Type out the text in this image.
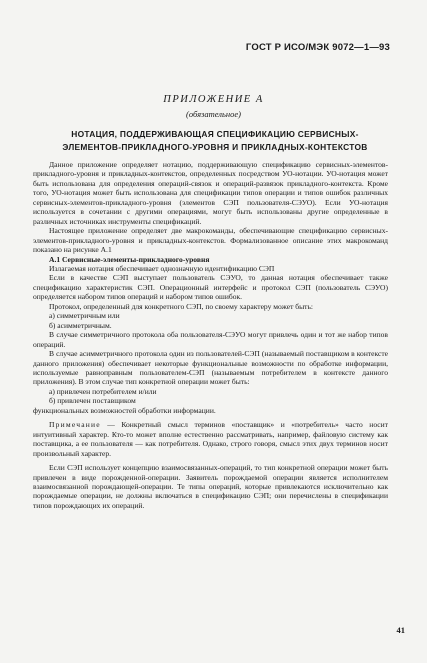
ГОСТ Р ИСО/МЭК 9072—1—93
ПРИЛОЖЕНИЕ А
(обязательное)
НОТАЦИЯ, ПОДДЕРЖИВАЮЩАЯ СПЕЦИФИКАЦИЮ СЕРВИСНЫХ-
ЭЛЕМЕНТОВ-ПРИКЛАДНОГО-УРОВНЯ И ПРИКЛАДНЫХ-КОНТЕКСТОВ

Данное приложение определяет нотацию, поддерживающую спецификацию сервисных-элементов-прикладного-уровня и прикладных-контекстов, определенных посредством УО-нотации. УО-нотация может быть использована для определения операций-связок и операций-развязок прикладного-контекста. Кроме того, УО-нотация может быть использована для спецификации типов операции и типов ошибок различных сервисных-элементов-прикладного-уровня (элементов СЭП пользователя-СЭУО). Если УО-нотация используется в сочетании с другими операциями, могут быть использованы другие определенные в различных источниках инструменты спецификаций.

Настоящее приложение определяет две макрокоманды, обеспечивающие спецификацию сервисных-элементов-прикладного-уровня и прикладных-контекстов. Формализованное описание этих макрокоманд показано на рисунке А.1

А.1 Сервисные-элементы-прикладного-уровня

Излагаемая нотация обеспечивает однозначную идентификацию СЭП

Если в качестве СЭП выступает пользователь СЭУО, то данная нотация обеспечивает также спецификацию характеристик СЭП. Операционный интерфейс и протокол СЭП (пользователь СЭУО) определяется набором типов операций и набором типов ошибок.

Протокол, определенный для конкретного СЭП, по своему характеру может быть:

а) симметричным или

б) асимметричным.

В случае симметричного протокола оба пользователя-СЭУО могут привлечь один и тот же набор типов операций.

В случае асимметричного протокола один из пользователей-СЭП (называемый поставщиком в контексте данного приложения) обеспечивает некоторые функциональные возможности по обработке информации, используемые равноправным пользователем-СЭП (называемым потребителем в контексте данного приложения). В этом случае тип конкретной операции может быть:

а) привлечен потребителем и/или

б) привлечен поставщиком

функциональных возможностей обработки информации.

Примечание — Конкретный смысл терминов «поставщик» и «потребитель» часто носит интуитивный характер. Кто-то может вполне естественно рассматривать, например, файловую систему как поставщика, а ее пользователя — как потребителя. Однако, строго говоря, смысл этих двух терминов носит произвольный характер.

Если СЭП использует концепцию взаимосвязанных-операций, то тип конкретной операции может быть привлечен в виде порожденной-операции. Заявитель порождаемой операции является исполнителем взаимосвязанной порождающей-операции. Те типы операций, которые привлекаются исключительно как порождаемые операции, не должны включаться в спецификацию СЭП; они перечислены в спецификации типов порождающих их операций.

41
